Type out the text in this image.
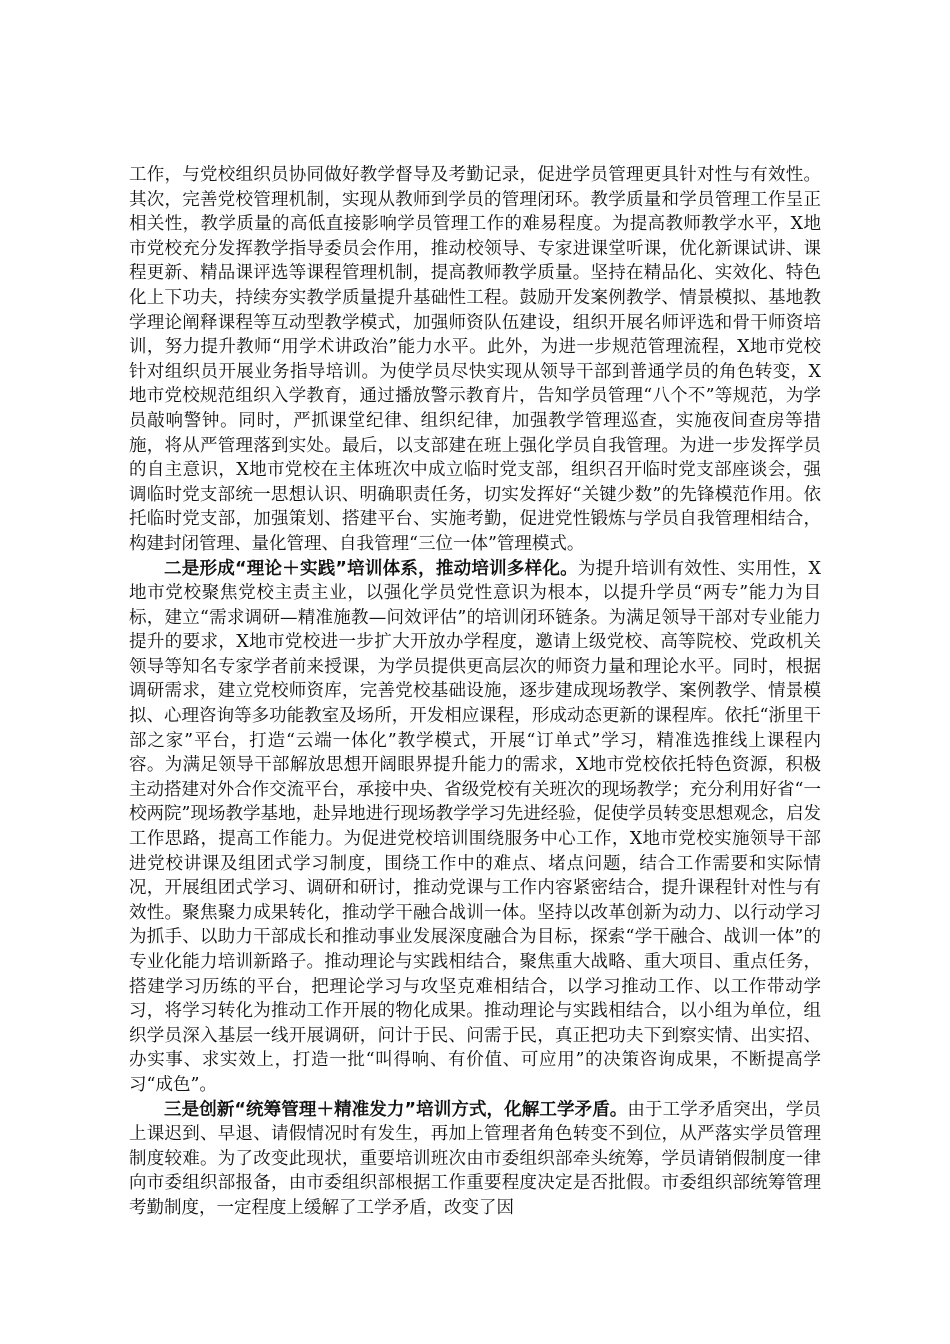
工作，与党校组织员协同做好教学督导及考勤记录，促进学员管理更具针对性与有效性。其次，完善党校管理机制，实现从教师到学员的管理闭环。教学质量和学员管理工作呈正相关性，教学质量的高低直接影响学员管理工作的难易程度。为提高教师教学水平，X地市党校充分发挥教学指导委员会作用，推动校领导、专家进课堂听课，优化新课试讲、课程更新、精品课评选等课程管理机制，提高教师教学质量。坚持在精品化、实效化、特色化上下功夫，持续夯实教学质量提升基础性工程。鼓励开发案例教学、情景模拟、基地教学理论阐释课程等互动型教学模式，加强师资队伍建设，组织开展名师评选和骨干师资培训，努力提升教师“用学术讲政治”能力水平。此外，为进一步规范管理流程，X地市党校针对组织员开展业务指导培训。为使学员尽快实现从领导干部到普通学员的角色转变，X地市党校规范组织入学教育，通过播放警示教育片，告知学员管理“八个不”等规范，为学员敲响警钟。同时，严抓课堂纪律、组织纪律，加强教学管理巡查，实施夜间查房等措施，将从严管理落到实处。最后，以支部建在班上强化学员自我管理。为进一步发挥学员的自主意识，X地市党校在主体班次中成立临时党支部，组织召开临时党支部座谈会，强调临时党支部统一思想认识、明确职责任务，切实发挥好“关键少数”的先锋模范作用。依托临时党支部，加强策划、搭建平台、实施考勤，促进党性锻炼与学员自我管理相结合，构建封闭管理、量化管理、自我管理“三位一体”管理模式。

二是形成“理论＋实践”培训体系，推动培训多样化。为提升培训有效性、实用性，X地市党校聚焦党校主责主业，以强化学员党性意识为根本，以提升学员“两专”能力为目标，建立“需求调研—精准施教—问效评估”的培训闭环链条。为满足领导干部对专业能力提升的要求，X地市党校进一步扩大开放办学程度，邀请上级党校、高等院校、党政机关领导等知名专家学者前来授课，为学员提供更高层次的师资力量和理论水平。同时，根据调研需求，建立党校师资库，完善党校基础设施，逐步建成现场教学、案例教学、情景模拟、心理咨询等多功能教室及场所，开发相应课程，形成动态更新的课程库。依托“浙里干部之家”平台，打造“云端一体化”教学模式，开展“订单式”学习，精准选推线上课程内容。为满足领导干部解放思想开阔眼界提升能力的需求，X地市党校依托特色资源，积极主动搭建对外合作交流平台，承接中央、省级党校有关班次的现场教学；充分利用好省“一校两院”现场教学基地，赴异地进行现场教学学习先进经验，促使学员转变思想观念，启发工作思路，提高工作能力。为促进党校培训围绕服务中心工作，X地市党校实施领导干部进党校讲课及组团式学习制度，围绕工作中的难点、堵点问题，结合工作需要和实际情况，开展组团式学习、调研和研讨，推动党课与工作内容紧密结合，提升课程针对性与有效性。聚焦聚力成果转化，推动学干融合战训一体。坚持以改革创新为动力、以行动学习为抓手、以助力干部成长和推动事业发展深度融合为目标，探索“学干融合、战训一体”的专业化能力培训新路子。推动理论与实践相结合，聚焦重大战略、重大项目、重点任务，搭建学习历练的平台，把理论学习与攻坚克难相结合，以学习推动工作、以工作带动学习，将学习转化为推动工作开展的物化成果。推动理论与实践相结合，以小组为单位，组织学员深入基层一线开展调研，问计于民、问需于民，真正把功夫下到察实情、出实招、办实事、求实效上，打造一批“叫得响、有价值、可应用”的决策咨询成果，不断提高学习“成色”。

三是创新“统筹管理＋精准发力”培训方式，化解工学矛盾。由于工学矛盾突出，学员上课迟到、早退、请假情况时有发生，再加上管理者角色转变不到位，从严落实学员管理制度较难。为了改变此现状，重要培训班次由市委组织部牵头统筹，学员请销假制度一律向市委组织部报备，由市委组织部根据工作重要程度决定是否批假。市委组织部统筹管理考勤制度，一定程度上缓解了工学矛盾，改变了因
